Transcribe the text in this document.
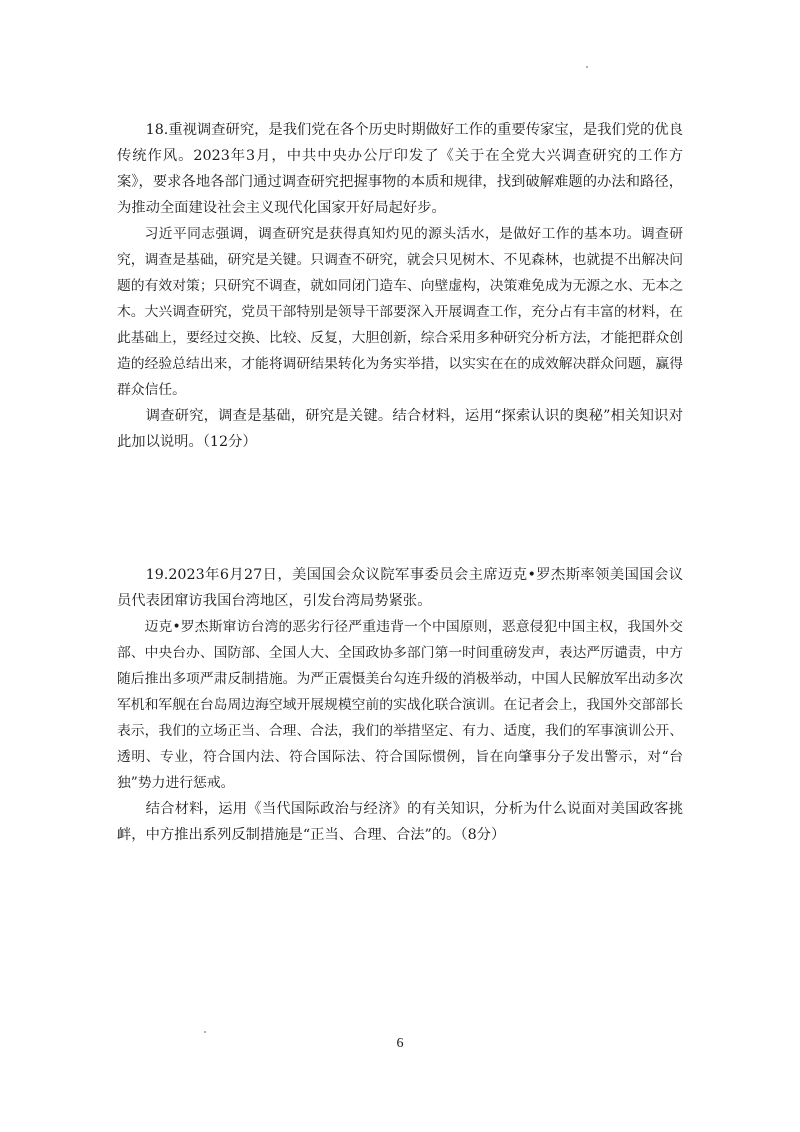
18.重视调查研究，是我们党在各个历史时期做好工作的重要传家宝，是我们党的优良传统作风。2023年3月，中共中央办公厅印发了《关于在全党大兴调查研究的工作方案》，要求各地各部门通过调查研究把握事物的本质和规律，找到破解难题的办法和路径，为推动全面建设社会主义现代化国家开好局起好步。

习近平同志强调，调查研究是获得真知灼见的源头活水，是做好工作的基本功。调查研究，调查是基础，研究是关键。只调查不研究，就会只见树木、不见森林，也就提不出解决问题的有效对策；只研究不调查，就如同闭门造车、向壁虚构，决策难免成为无源之水、无本之木。大兴调查研究，党员干部特别是领导干部要深入开展调查工作，充分占有丰富的材料，在此基础上，要经过交换、比较、反复，大胆创新，综合采用多种研究分析方法，才能把群众创造的经验总结出来，才能将调研结果转化为务实举措，以实实在在的成效解决群众问题，赢得群众信任。

调查研究，调查是基础，研究是关键。结合材料，运用“探索认识的奥秘”相关知识对此加以说明。（12分）

19.2023年6月27日，美国国会众议院军事委员会主席迈克•罗杰斯率领美国国会议员代表团窜访我国台湾地区，引发台湾局势紧张。

迈克•罗杰斯窜访台湾的恶劣行径严重违背一个中国原则，恶意侵犯中国主权，我国外交部、中央台办、国防部、全国人大、全国政协多部门第一时间重磅发声，表达严厉谴责，中方随后推出多项严肃反制措施。为严正震慑美台勾连升级的消极举动，中国人民解放军出动多次军机和军舰在台岛周边海空域开展规模空前的实战化联合演训。在记者会上，我国外交部部长表示，我们的立场正当、合理、合法，我们的举措坚定、有力、适度，我们的军事演训公开、透明、专业，符合国内法、符合国际法、符合国际惯例，旨在向肇事分子发出警示，对“台独”势力进行惩戒。

结合材料，运用《当代国际政治与经济》的有关知识，分析为什么说面对美国政客挑衅，中方推出系列反制措施是“正当、合理、合法”的。（8分）

6
